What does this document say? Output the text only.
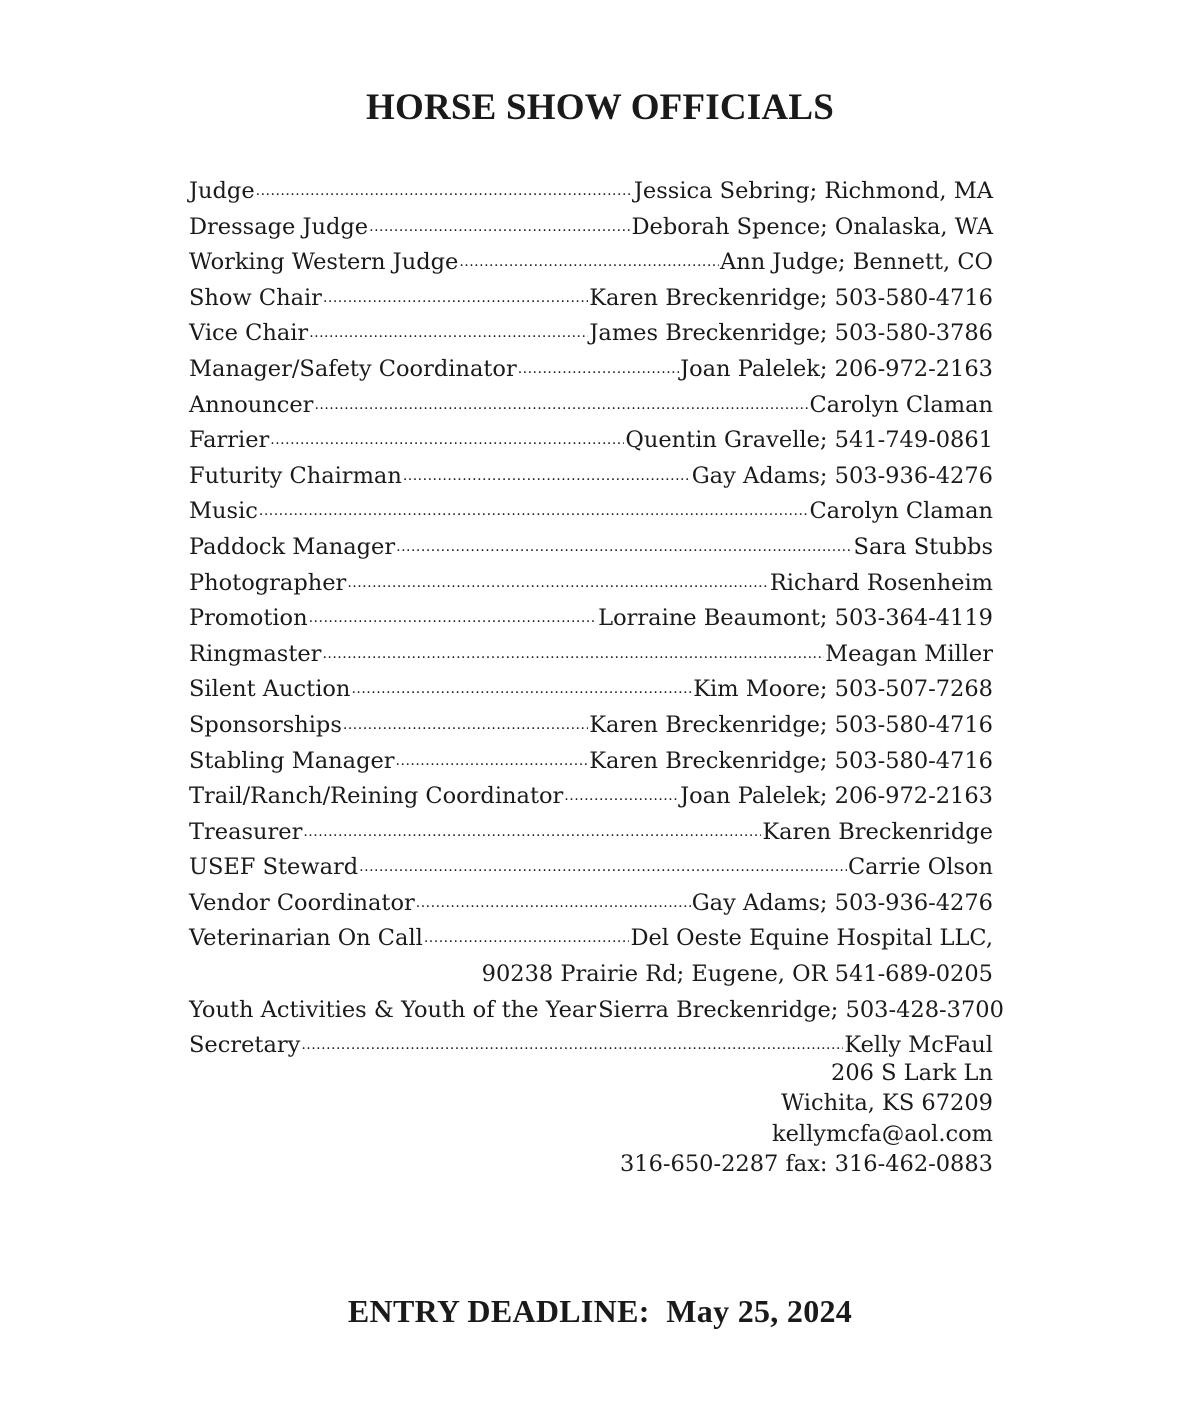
HORSE SHOW OFFICIALS
Judge .....	Jessica Sebring; Richmond, MA
Dressage Judge .....	Deborah Spence; Onalaska, WA
Working Western Judge .....	Ann Judge; Bennett, CO
Show Chair .....	Karen Breckenridge; 503-580-4716
Vice Chair .....	James Breckenridge; 503-580-3786
Manager/Safety Coordinator .....	Joan Palelek; 206-972-2163
Announcer .....	Carolyn Claman
Farrier .....	Quentin Gravelle; 541-749-0861
Futurity Chairman .....	Gay Adams; 503-936-4276
Music .....	Carolyn Claman
Paddock Manager .....	Sara Stubbs
Photographer .....	Richard Rosenheim
Promotion .....	Lorraine Beaumont; 503-364-4119
Ringmaster .....	Meagan Miller
Silent Auction .....	Kim Moore; 503-507-7268
Sponsorships .....	Karen Breckenridge; 503-580-4716
Stabling Manager .....	Karen Breckenridge; 503-580-4716
Trail/Ranch/Reining Coordinator .....	Joan Palelek; 206-972-2163
Treasurer .....	Karen Breckenridge
USEF Steward .....	Carrie Olson
Vendor Coordinator .....	Gay Adams; 503-936-4276
Veterinarian On Call .....	Del Oeste Equine Hospital LLC,
90238 Prairie Rd; Eugene, OR 541-689-0205
Youth Activities & Youth of the Year Sierra Breckenridge; 503-428-3700
Secretary .....	Kelly McFaul
206 S Lark Ln
Wichita, KS 67209
kellymcfa@aol.com
316-650-2287 fax: 316-462-0883
ENTRY DEADLINE:  May 25, 2024
